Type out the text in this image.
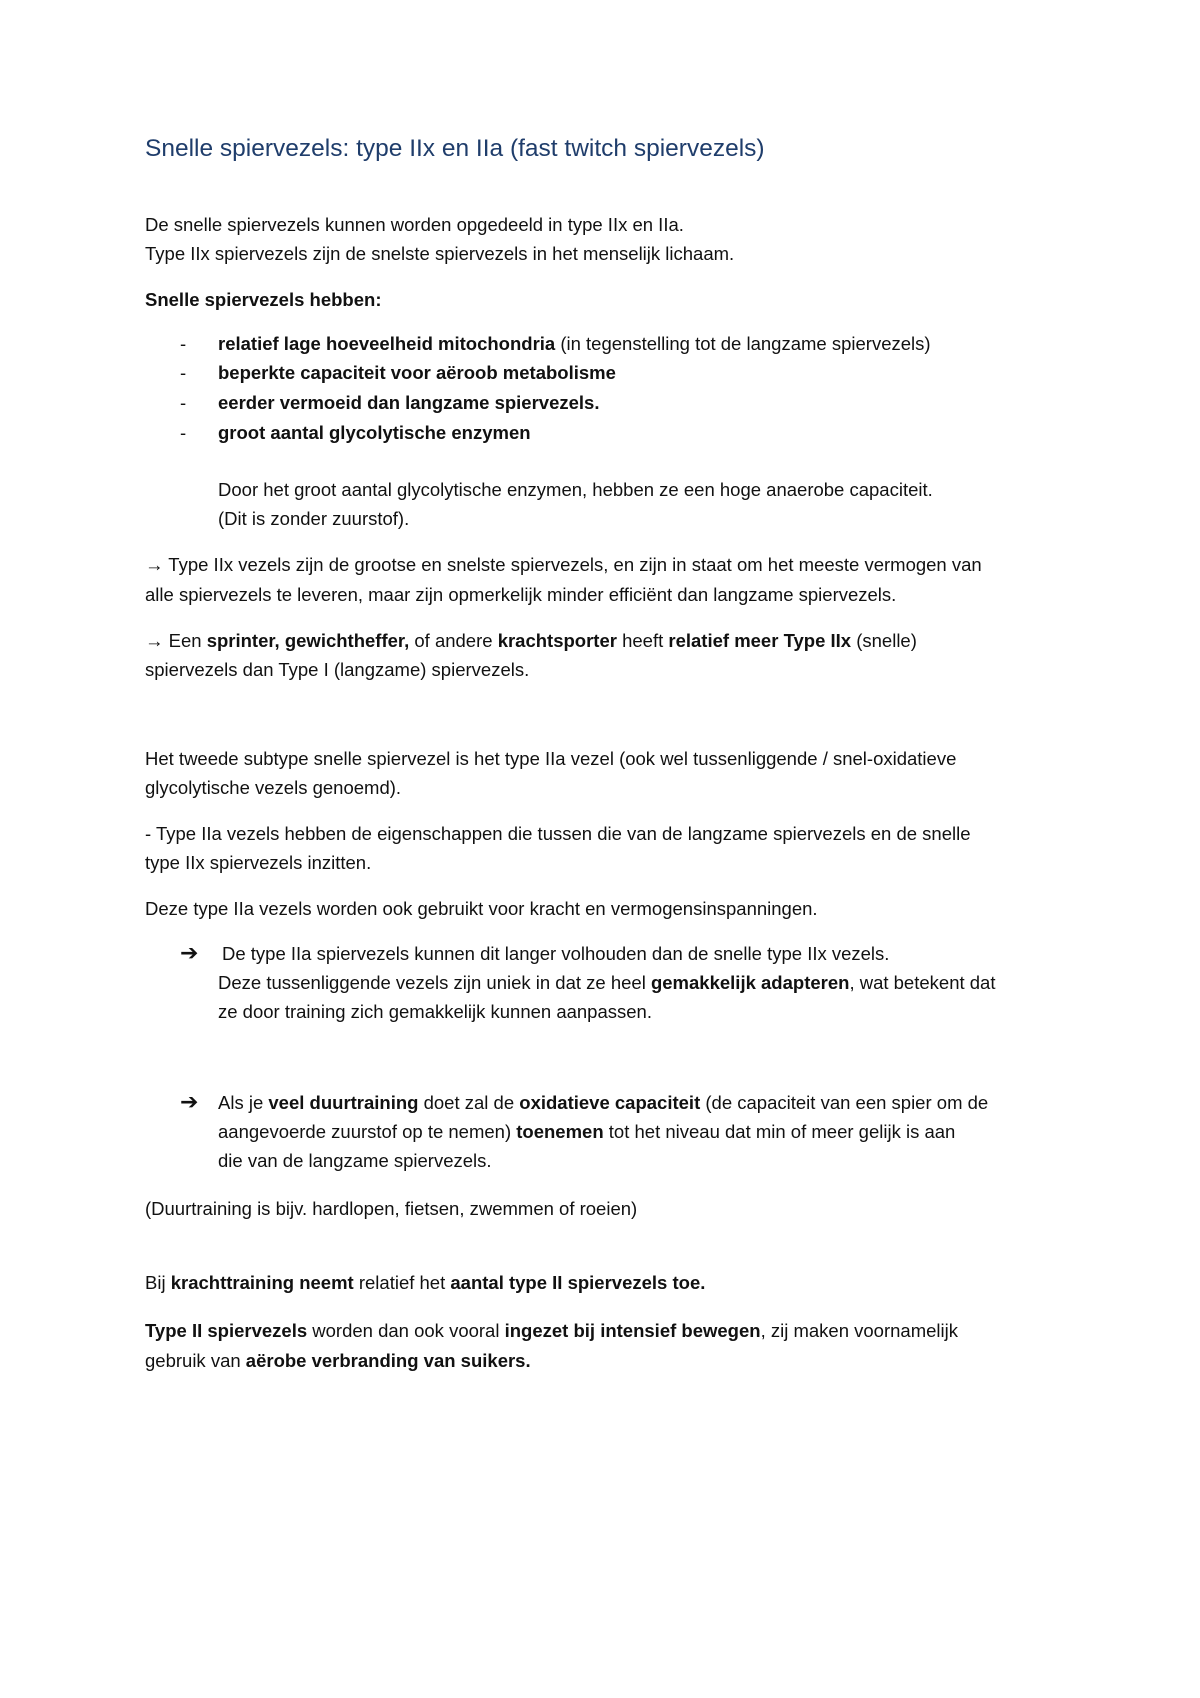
Snelle spiervezels: type IIx en IIa (fast twitch spiervezels)

De snelle spiervezels kunnen worden opgedeeld in type IIx en IIa.

Type IIx spiervezels zijn de snelste spiervezels in het menselijk lichaam.

Snelle spiervezels hebben:

- relatief lage hoeveelheid mitochondria (in tegenstelling tot de langzame spiervezels)

- beperkte capaciteit voor aëroob metabolisme

- eerder vermoeid dan langzame spiervezels.

- groot aantal glycolytische enzymen

Door het groot aantal glycolytische enzymen, hebben ze een hoge anaerobe capaciteit.

(Dit is zonder zuurstof).

→ Type IIx vezels zijn de grootse en snelste spiervezels, en zijn in staat om het meeste vermogen van

alle spiervezels te leveren, maar zijn opmerkelijk minder efficiënt dan langzame spiervezels.

→ Een sprinter, gewichtheffer, of andere krachtsporter heeft relatief meer Type IIx (snelle)

spiervezels dan Type I (langzame) spiervezels.

Het tweede subtype snelle spiervezel is het type IIa vezel (ook wel tussenliggende / snel-oxidatieve

glycolytische vezels genoemd).

- Type IIa vezels hebben de eigenschappen die tussen die van de langzame spiervezels en de snelle

type IIx spiervezels inzitten.

Deze type IIa vezels worden ook gebruikt voor kracht en vermogensinspanningen.

➔ De type IIa spiervezels kunnen dit langer volhouden dan de snelle type IIx vezels.

Deze tussenliggende vezels zijn uniek in dat ze heel gemakkelijk adapteren, wat betekent dat

ze door training zich gemakkelijk kunnen aanpassen.

➔ Als je veel duurtraining doet zal de oxidatieve capaciteit (de capaciteit van een spier om de

aangevoerde zuurstof op te nemen) toenemen tot het niveau dat min of meer gelijk is aan

die van de langzame spiervezels.

(Duurtraining is bijv. hardlopen, fietsen, zwemmen of roeien)

Bij krachttraining neemt relatief het aantal type II spiervezels toe.

Type II spiervezels worden dan ook vooral ingezet bij intensief bewegen, zij maken voornamelijk

gebruik van aërobe verbranding van suikers.
